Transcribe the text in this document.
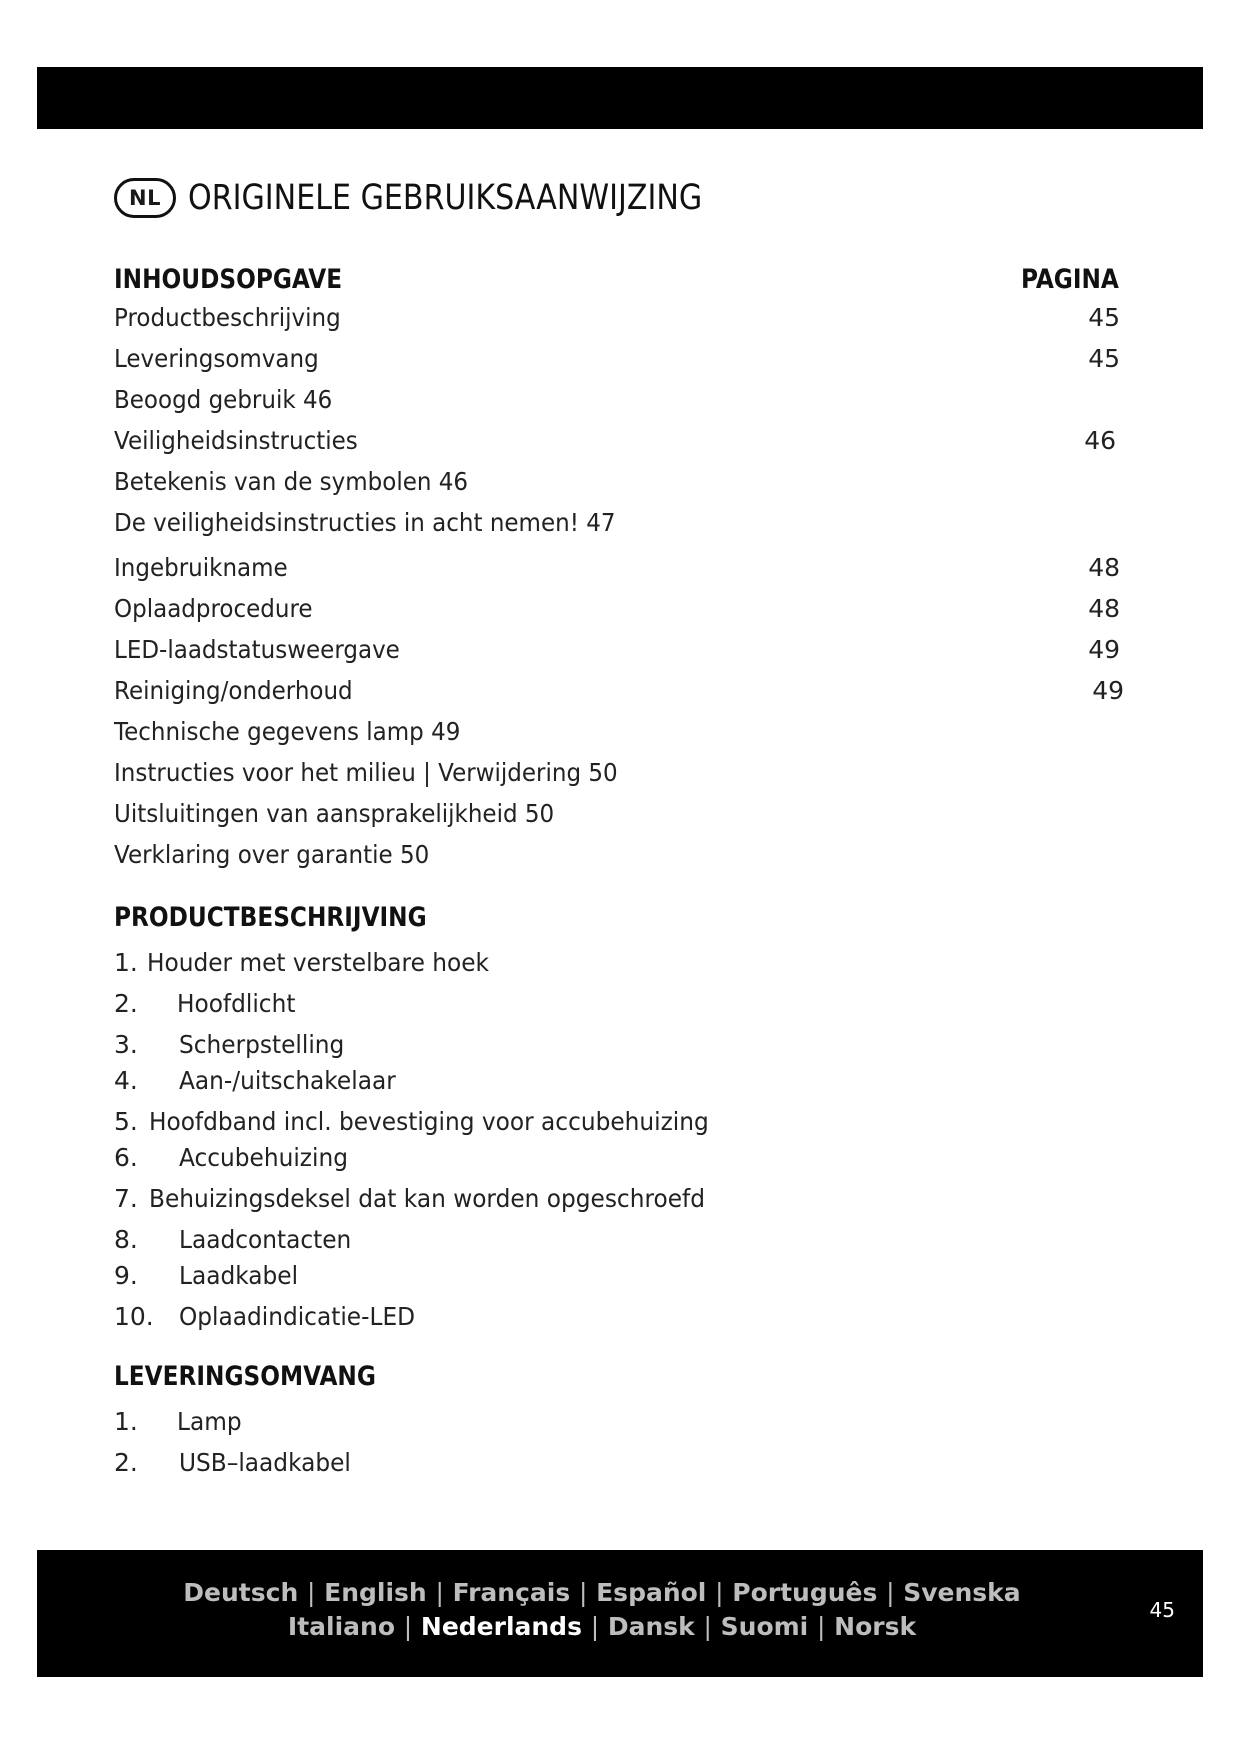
NL ORIGINELE GEBRUIKSAANWIJZING
INHOUDSOPGAVE	PAGINA
Productbeschrijving	45
Leveringsomvang	45
Beoogd gebruik 46
Veiligheidsinstructies	46
Betekenis van de symbolen 46
De veiligheidsinstructies in acht nemen! 47
Ingebruikname	48
Oplaadprocedure	48
LED-laadstatusweergave	49
Reiniging/onderhoud	49
Technische gegevens lamp 49
Instructies voor het milieu | Verwijdering 50
Uitsluitingen van aansprakelijkheid 50
Verklaring over garantie 50
PRODUCTBESCHRIJVING
1. Houder met verstelbare hoek
2. Hoofdlicht
3. Scherpstelling
4. Aan-/uitschakelaar
5. Hoofdband incl. bevestiging voor accubehuizing
6. Accubehuizing
7. Behuizingsdeksel dat kan worden opgeschroefd
8. Laadcontacten
9. Laadkabel
10. Oplaadindicatie-LED
LEVERINGSOMVANG
1. Lamp
2. USB–laadkabel
Deutsch | English | Français | Español | Português | Svenska
Italiano | Nederlands | Dansk | Suomi | Norsk
45
